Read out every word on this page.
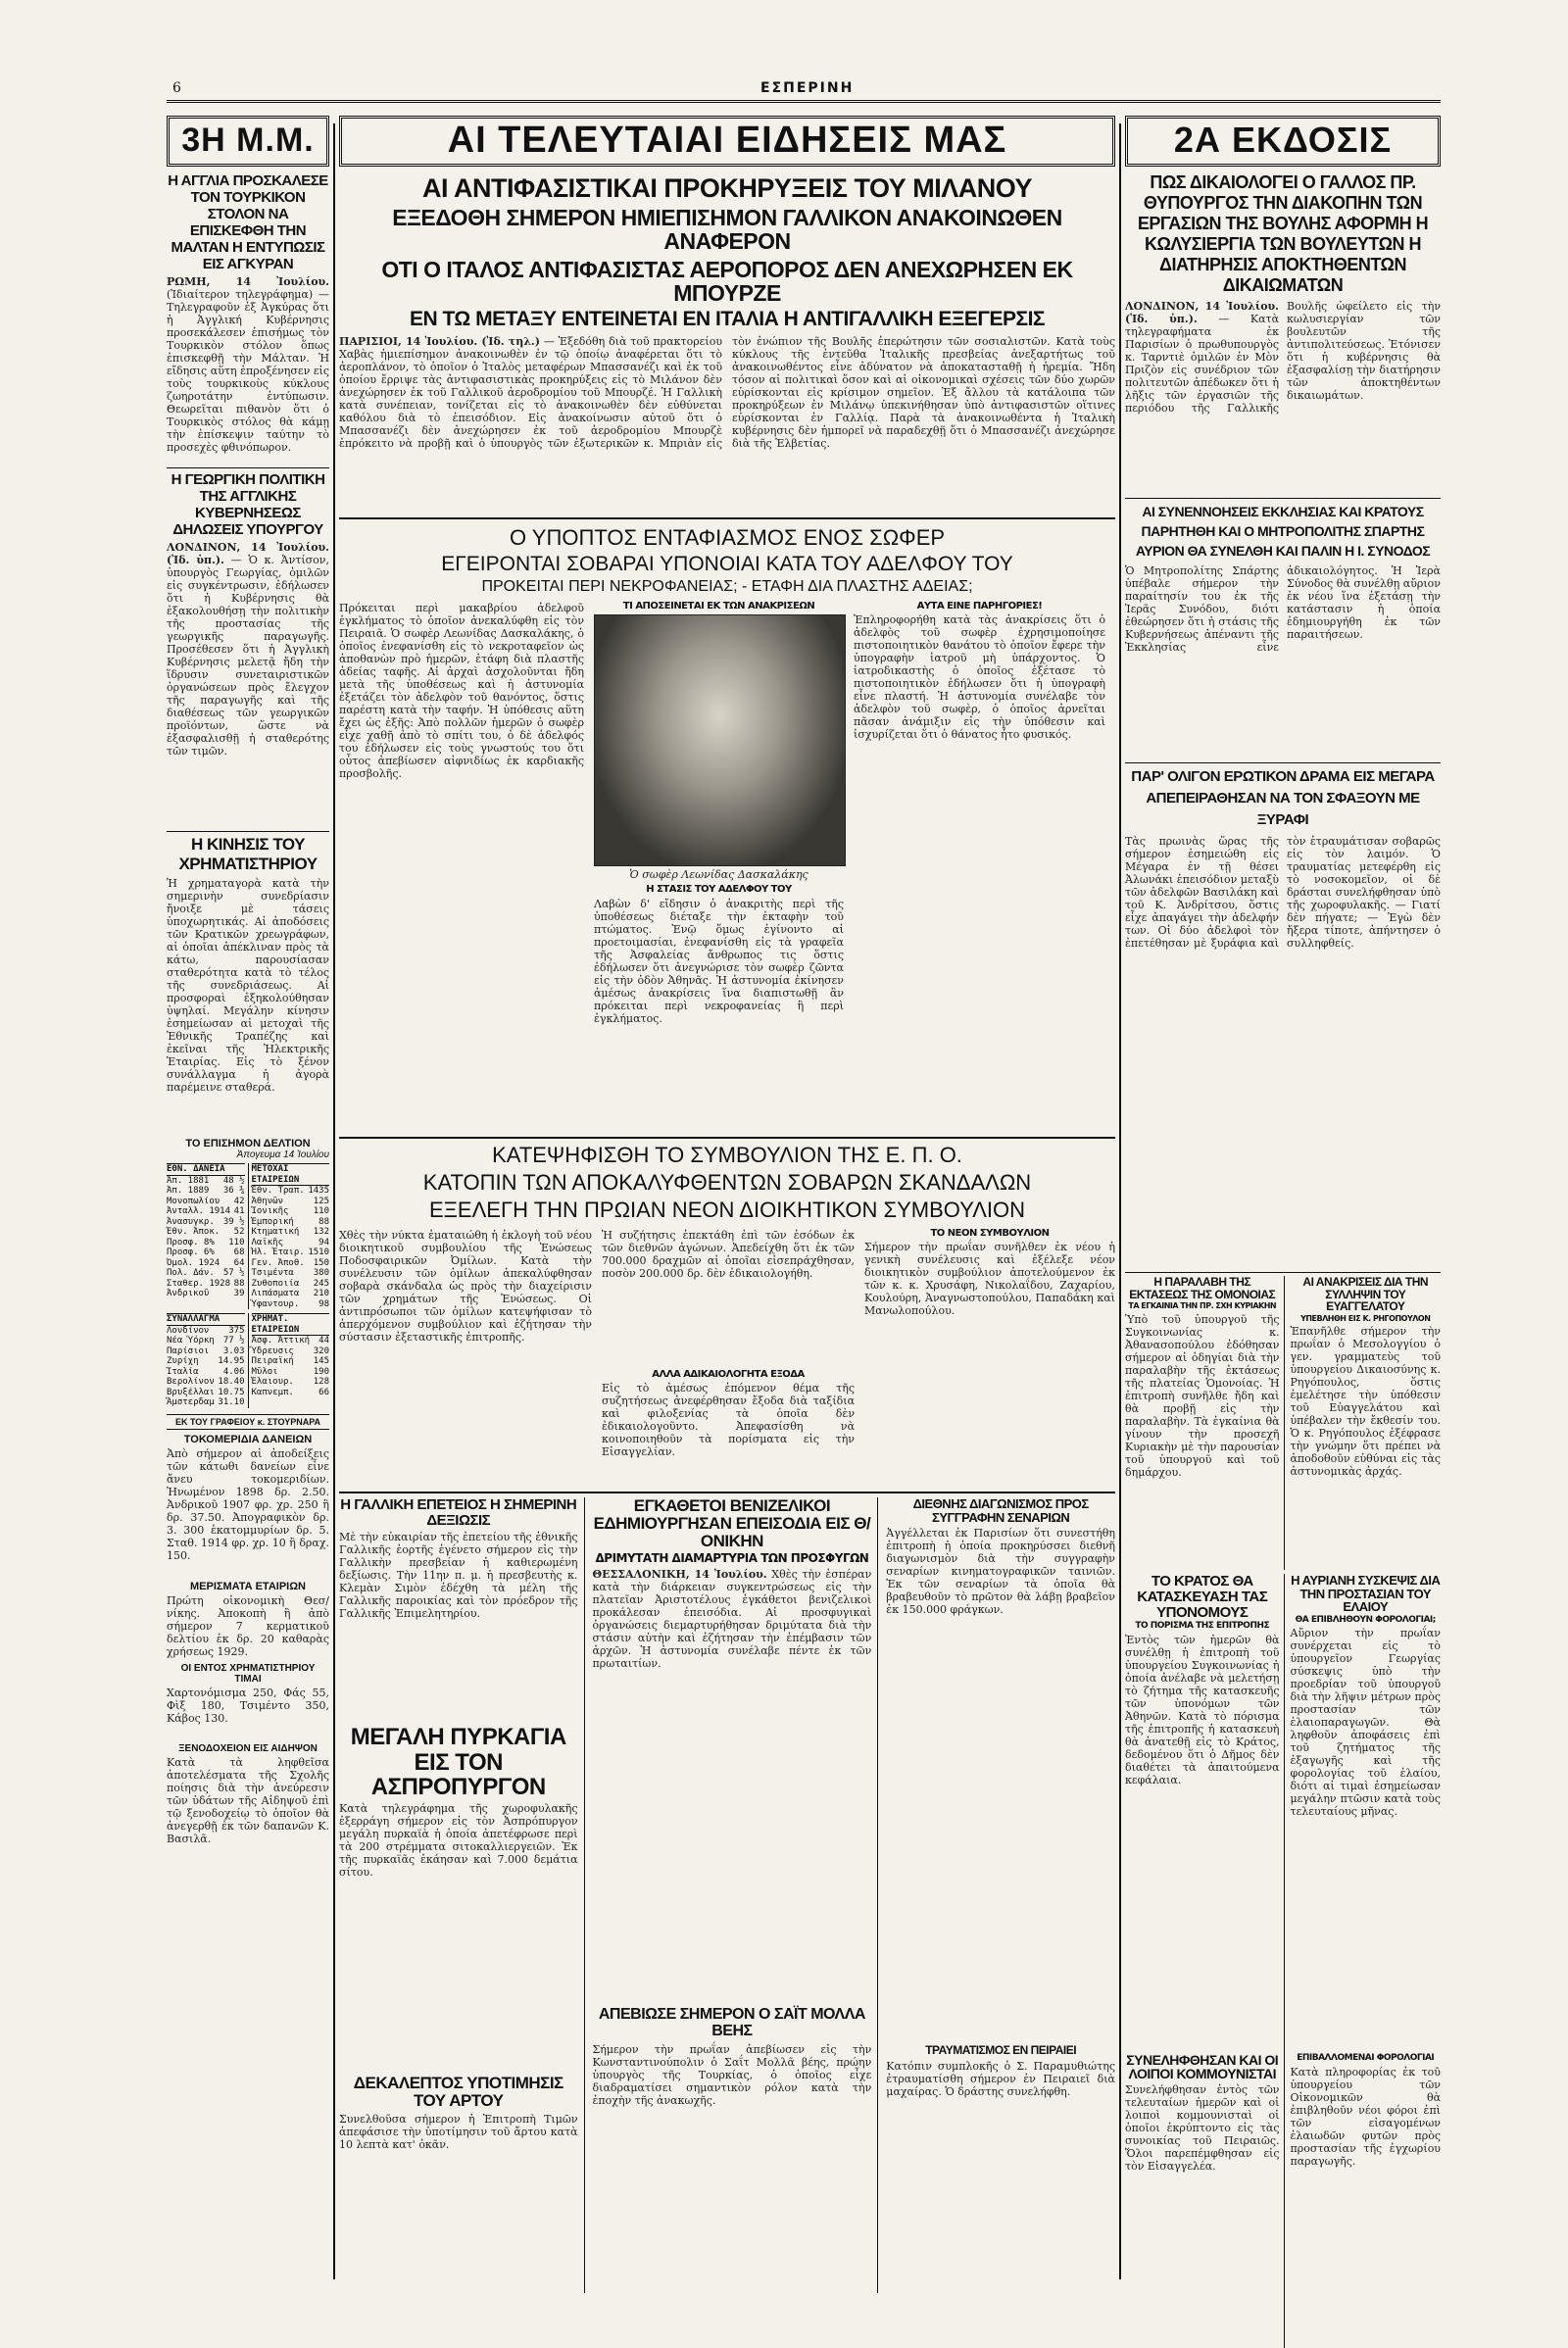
6	ΕΣΠΕΡΙΝΗ
3Η Μ.Μ.
Η ΑΓΓΛΙΑ ΠΡΟΣΚΑΛΕΣΕ ΤΟΝ ΤΟΥΡΚΙΚΟΝ ΣΤΟΛΟΝ ΝΑ ΕΠΙΣΚΕΦΘΗ ΤΗΝ ΜΑΛΤΑΝ Η ΕΝΤΥΠΩΣΙΣ ΕΙΣ ΑΓΚΥΡΑΝ
ΡΩΜΗ, 14 Ἰουλίου. (Ἰδιαίτερον τηλεγράφημα) — Τηλεγραφοῦν ἐξ Ἀγκύρας ὅτι ἡ Ἀγγλική Κυβέρνησις προσεκάλεσεν ἐπισήμως τὸν Τουρκικὸν στόλον ὅπως ἐπισκεφθῇ τὴν Μάλταν. Ἡ εἴδησις αὕτη ἐπροξένησεν εἰς τοὺς τουρκικοὺς κύκλους ζωηροτάτην ἐντύπωσιν. Θεωρεῖται πιθανὸν ὅτι ὁ Τουρκικὸς στόλος θὰ κάμῃ τὴν ἐπίσκεψιν ταύτην τὸ προσεχὲς φθινόπωρον.
Η ΓΕΩΡΓΙΚΗ ΠΟΛΙΤΙΚΗ ΤΗΣ ΑΓΓΛΙΚΗΣ ΚΥΒΕΡΝΗΣΕΩΣ ΔΗΛΩΣΕΙΣ ΥΠΟΥΡΓΟΥ
ΛΟΝΔΙΝΟΝ, 14 Ἰουλίου. (Ἰδ. ὑπ.). — Ὁ κ. Ἀντίσον, ὑπουργὸς Γεωργίας, ὁμιλῶν εἰς συγκέντρωσιν, ἐδήλωσεν ὅτι ἡ Κυβέρνησις θὰ ἐξακολουθήσῃ τὴν πολιτικὴν τῆς προστασίας τῆς γεωργικῆς παραγωγῆς. Προσέθεσεν ὅτι ἡ Ἀγγλικὴ Κυβέρνησις μελετᾷ ἤδη τὴν ἵδρυσιν συνεταιριστικῶν ὀργανώσεων πρὸς ἔλεγχον τῆς παραγωγῆς καὶ τῆς διαθέσεως τῶν γεωργικῶν προϊόντων, ὥστε νὰ ἐξασφαλισθῇ ἡ σταθερότης τῶν τιμῶν.
Η ΚΙΝΗΣΙΣ ΤΟΥ ΧΡΗΜΑΤΙΣΤΗΡΙΟΥ
Ἡ χρηματαγορὰ κατὰ τὴν σημερινὴν συνεδρίασιν ἤνοιξε μὲ τάσεις ὑποχωρητικάς. Αἱ ἀποδόσεις τῶν Κρατικῶν χρεωγράφων, αἱ ὁποῖαι ἀπέκλιναν πρὸς τὰ κάτω, παρουσίασαν σταθερότητα κατὰ τὸ τέλος τῆς συνεδριάσεως. Αἱ προσφοραὶ ἐξηκολούθησαν ὑψηλαί. Μεγάλην κίνησιν ἐσημείωσαν αἱ μετοχαὶ τῆς Ἐθνικῆς Τραπέζης καὶ ἐκεῖναι τῆς Ἠλεκτρικῆς Ἑταιρίας. Εἰς τὸ ξένον συνάλλαγμα ἡ ἀγορὰ παρέμεινε σταθερά.
ΤΟ ΕΠΙΣΗΜΟΝ ΔΕΛΤΙΟΝ
Ἀπογευμα 14 Ἰουλίου
ΕΘΝ. ΔΑΝΕΙΑ
Ἀπ. 1881 48 ½
Ἀπ. 1889 36 ¾
Μονοπωλίου 42
Ἀνταλλ. 1914 41
Ἀνασυγκρ. 39 ½
Ἐθν. Ἀποκ. 52
Προσφ. 8% 110
Προσφ. 6% 68
Ὀμολ. 1924 64
Πολ. Δάν. 57 ½
Σταθερ. 1928 88
Ἀνδρικοῦ	39
ΜΕΤΟΧΑΙ ΕΤΑΙΡΕΙΩΝ
Ἐθν. Τραπ. 1435
Ἀθηνῶν	125
Ἰονικῆς	110
Ἐμπορική	88
Κτηματική 132
Λαϊκῆς	94
Ἠλ. Ἑταιρ. 1510
Γεν. Ἀποθ. 150
Τσιμέντα 380
Ζυθοποιία 245
Λιπάσματα 210
Ὑφαντουρ. 98
ΣΥΝΑΛΛΑΓΜΑ
Λονδίνον 375
Νέα Ὑόρκη 77 ½
Παρίσιοι 3.03
Ζυρίχη 14.95
Ἰταλία	4.06
Βερολίνον 18.40
Βρυξέλλαι 10.75
Ἄμστερδαμ 31.10
ΧΡΗΜΑΤ. ΕΤΑΙΡΕΙΩΝ
Ἀσφ. Ἀττική 44
Ὕδρευσις 320
Πειραϊκή 145
Μῦλοι	190
Ἐλαιουρ. 128
Καπνεμπ.	66
ΕΚ ΤΟΥ ΓΡΑΦΕΙΟΥ κ. ΣΤΟΥΡΝΑΡΑ
ΤΟΚΟΜΕΡΙΔΙΑ ΔΑΝΕΙΩΝ
Ἀπὸ σήμερον αἱ ἀποδείξεις τῶν κάτωθι δανείων εἶνε ἄνευ τοκομεριδίων. Ἠνωμένον 1898 δρ. 2.50. Ἀνδρικοῦ 1907 φρ. χρ. 250 ἢ δρ. 37.50. Ἀπογραφικὸν δρ. 3. 300 ἑκατομμυρίων δρ. 5. Σταθ. 1914 φρ. χρ. 10 ἢ δραχ. 150.
ΜΕΡΙΣΜΑΤΑ ΕΤΑΙΡΙΩΝ
Πρώτη οἰκονομικὴ Θεσ/νίκης. Ἀποκοπὴ ἢ ἀπὸ σήμερον 7 κερματικοῦ δελτίου ἐκ δρ. 20 καθαρὰς χρήσεως 1929.
ΟΙ ΕΝΤΟΣ ΧΡΗΜΑΤΙΣΤΗΡΙΟΥ ΤΙΜΑΙ
Χαρτονόμισμα 250, Φάς 55, Φὶξ 180, Τσιμέντο 350, Κάβος 130.
ΞΕΝΟΔΟΧΕΙΟΝ ΕΙΣ ΑΙΔΗΨΟΝ
Κατὰ τὰ ληφθεῖσα ἀποτελέσματα τῆς Σχολῆς ποίησις διὰ τὴν ἀνεύρεσιν τῶν ὑδάτων τῆς Αἰδηψοῦ ἐπὶ τῷ ξενοδοχείῳ τὸ ὁποῖον θὰ ἀνεγερθῇ ἐκ τῶν δαπανῶν Κ. Βασιλᾶ.
ΑΙ ΤΕΛΕΥΤΑΙΑΙ ΕΙΔΗΣΕΙΣ ΜΑΣ
ΑΙ ΑΝΤΙΦΑΣΙΣΤΙΚΑΙ ΠΡΟΚΗΡΥΞΕΙΣ ΤΟΥ ΜΙΛΑΝΟΥ
ΕΞΕΔΟΘΗ ΣΗΜΕΡΟΝ ΗΜΙΕΠΙΣΗΜΟΝ ΓΑΛΛΙΚΟΝ ΑΝΑΚΟΙΝΩΘΕΝ ΑΝΑΦΕΡΟΝ
ΟΤΙ Ο ΙΤΑΛΟΣ ΑΝΤΙΦΑΣΙΣΤΑΣ ΑΕΡΟΠΟΡΟΣ ΔΕΝ ΑΝΕΧΩΡΗΣΕΝ ΕΚ ΜΠΟΥΡΖΕ
ΕΝ ΤΩ ΜΕΤΑΞΥ ΕΝΤΕΙΝΕΤΑΙ ΕΝ ΙΤΑΛΙΑ Η ΑΝΤΙΓΑΛΛΙΚΗ ΕΞΕΓΕΡΣΙΣ
ΠΑΡΙΣΙΟΙ, 14 Ἰουλίου. (Ἰδ. τηλ.) — Ἐξεδόθη διὰ τοῦ πρακτορείου Χαβὰς ἡμιεπίσημον ἀνακοινωθὲν ἐν τῷ ὁποίῳ ἀναφέρεται ὅτι τὸ ἀεροπλάνον, τὸ ὁποῖον ὁ Ἰταλὸς μεταφέρων Μπασσανέζι καὶ ἐκ τοῦ ὁποίου ἔρριψε τὰς ἀντιφασιστικὰς προκηρύξεις εἰς τὸ Μιλάνον δὲν ἀνεχώρησεν ἐκ τοῦ Γαλλικοῦ ἀεροδρομίου τοῦ Μπουρζέ. Ἡ Γαλλικὴ κατὰ συνέπειαν, τονίζεται εἰς τὸ ἀνακοινωθὲν δὲν εὐθύνεται καθόλου διὰ τὸ ἐπεισόδιον. Εἰς ἀνακοίνωσιν αὐτοῦ ὅτι ὁ Μπασσανέζι δὲν ἀνεχώρησεν ἐκ τοῦ ἀεροδρομίου Μπουρζὲ ἐπρόκειτο νὰ προβῇ καὶ ὁ ὑπουργὸς τῶν ἐξωτερικῶν κ. Μπριὰν εἰς τὸν ἐνώπιον τῆς Βουλῆς ἐπερώτησιν τῶν σοσιαλιστῶν. Κατὰ τοὺς κύκλους τῆς ἐντεῦθα Ἰταλικῆς πρεσβείας ἀνεξαρτήτως τοῦ ἀνακοινωθέντος εἶνε ἀδύνατον νὰ ἀποκατασταθῇ ἡ ἠρεμία. Ἤδη τόσον αἱ πολιτικαὶ ὅσον καὶ αἱ οἰκονομικαὶ σχέσεις τῶν δύο χωρῶν εὑρίσκονται εἰς κρίσιμον σημεῖον. Ἐξ ἄλλου τὰ κατάλοιπα τῶν προκηρύξεων ἐν Μιλάνῳ ὑπεκινήθησαν ὑπὸ ἀντιφασιστῶν οἵτινες εὑρίσκονται ἐν Γαλλίᾳ. Παρὰ τὰ ἀνακοινωθέντα ἡ Ἰταλικὴ κυβέρνησις δὲν ἠμπορεῖ νὰ παραδεχθῇ ὅτι ὁ Μπασσανέζι ἀνεχώρησε διὰ τῆς Ἑλβετίας.
Ο ΥΠΟΠΤΟΣ ΕΝΤΑΦΙΑΣΜΟΣ ΕΝΟΣ ΣΩΦΕΡ
ΕΓΕΙΡΟΝΤΑΙ ΣΟΒΑΡΑΙ ΥΠΟΝΟΙΑΙ ΚΑΤΑ ΤΟΥ ΑΔΕΛΦΟΥ ΤΟΥ
ΠΡΟΚΕΙΤΑΙ ΠΕΡΙ ΝΕΚΡΟΦΑΝΕΙΑΣ; - ΕΤΑΦΗ ΔΙΑ ΠΛΑΣΤΗΣ ΑΔΕΙΑΣ;
Πρόκειται περὶ μακαβρίου ἀδελφοῦ ἐγκλήματος τὸ ὁποῖον ἀνεκαλύφθη εἰς τὸν Πειραιᾶ. Ὁ σωφὲρ Λεωνίδας Δασκαλάκης, ὁ ὁποῖος ἐνεφανίσθη εἰς τὸ νεκροταφεῖον ὡς ἀποθανὼν πρὸ ἡμερῶν, ἐτάφη διὰ πλαστῆς ἀδείας ταφῆς. Αἱ ἀρχαὶ ἀσχολοῦνται ἤδη μετὰ τῆς ὑποθέσεως καὶ ἡ ἀστυνομία ἐξετάζει τὸν ἀδελφὸν τοῦ θανόντος, ὅστις παρέστη κατὰ τὴν ταφήν. Ἡ ὑπόθεσις αὕτη ἔχει ὡς ἑξῆς: Ἀπὸ πολλῶν ἡμερῶν ὁ σωφὲρ εἶχε χαθῇ ἀπὸ τὸ σπίτι του, ὁ δὲ ἀδελφός του ἐδήλωσεν εἰς τοὺς γνωστούς του ὅτι οὗτος ἀπεβίωσεν αἰφνιδίως ἐκ καρδιακῆς προσβολῆς.
ΤΙ ΑΠΟΣΕΙΝΕΤΑΙ ΕΚ ΤΩΝ ΑΝΑΚΡΙΣΕΩΝ
Ὁ σωφὲρ Λεωνίδας Δασκαλάκης
Η ΣΤΑΣΙΣ ΤΟΥ ΑΔΕΛΦΟΥ ΤΟΥ
Λαβὼν δ' εἴδησιν ὁ ἀνακριτὴς περὶ τῆς ὑποθέσεως διέταξε τὴν ἐκταφὴν τοῦ πτώματος. Ἐνῷ ὅμως ἐγίνοντο αἱ προετοιμασίαι, ἐνεφανίσθη εἰς τὰ γραφεῖα τῆς Ἀσφαλείας ἄνθρωπος τις ὅστις ἐδήλωσεν ὅτι ἀνεγνώρισε τὸν σωφὲρ ζῶντα εἰς τὴν ὁδὸν Ἀθηνᾶς. Ἡ ἀστυνομία ἐκίνησεν ἀμέσως ἀνακρίσεις ἵνα διαπιστωθῇ ἂν πρόκειται περὶ νεκροφανείας ἢ περὶ ἐγκλήματος.
ΑΥΤΑ ΕΙΝΕ ΠΑΡΗΓΟΡΙΕΣ!
Ἐπληροφορήθη κατὰ τὰς ἀνακρίσεις ὅτι ὁ ἀδελφὸς τοῦ σωφὲρ ἐχρησιμοποίησε πιστοποιητικὸν θανάτου τὸ ὁποῖον ἔφερε τὴν ὑπογραφὴν ἰατροῦ μὴ ὑπάρχοντος. Ὁ ἰατροδικαστὴς ὁ ὁποῖος ἐξέτασε τὸ πιστοποιητικὸν ἐδήλωσεν ὅτι ἡ ὑπογραφὴ εἶνε πλαστή. Ἡ ἀστυνομία συνέλαβε τὸν ἀδελφὸν τοῦ σωφὲρ, ὁ ὁποῖος ἀρνεῖται πᾶσαν ἀνάμιξιν εἰς τὴν ὑπόθεσιν καὶ ἰσχυρίζεται ὅτι ὁ θάνατος ἦτο φυσικός.
ΚΑΤΕΨΗΦΙΣΘΗ ΤΟ ΣΥΜΒΟΥΛΙΟΝ ΤΗΣ Ε. Π. Ο.
ΚΑΤΟΠΙΝ ΤΩΝ ΑΠΟΚΑΛΥΦΘΕΝΤΩΝ ΣΟΒΑΡΩΝ ΣΚΑΝΔΑΛΩΝ
ΕΞΕΛΕΓΗ ΤΗΝ ΠΡΩΙΑΝ ΝΕΟΝ ΔΙΟΙΚΗΤΙΚΟΝ ΣΥΜΒΟΥΛΙΟΝ
Χθὲς τὴν νύκτα ἐματαιώθη ἡ ἐκλογὴ τοῦ νέου διοικητικοῦ συμβουλίου τῆς Ἑνώσεως Ποδοσφαιρικῶν Ὀμίλων. Κατὰ τὴν συνέλευσιν τῶν ὀμίλων ἀπεκαλύφθησαν σοβαρὰ σκάνδαλα ὡς πρὸς τὴν διαχείρισιν τῶν χρημάτων τῆς Ἑνώσεως. Οἱ ἀντιπρόσωποι τῶν ὀμίλων κατεψήφισαν τὸ ἀπερχόμενον συμβούλιον καὶ ἐζήτησαν τὴν σύστασιν ἐξεταστικῆς ἐπιτροπῆς.
Ἡ συζήτησις ἐπεκτάθη ἐπὶ τῶν ἐσόδων ἐκ τῶν διεθνῶν ἀγώνων. Ἀπεδείχθη ὅτι ἐκ τῶν 700.000 δραχμῶν αἱ ὁποῖαι εἰσεπράχθησαν, ποσὸν 200.000 δρ. δὲν ἐδικαιολογήθη.
ΑΛΛΑ ΑΔΙΚΑΙΟΛΟΓΗΤΑ ΕΞΟΔΑ
Εἰς τὸ ἀμέσως ἐπόμενον θέμα τῆς συζητήσεως ἀνεφέρθησαν ἔξοδα διὰ ταξίδια καὶ φιλοξενίας τὰ ὁποῖα δὲν ἐδικαιολογοῦντο. Ἀπεφασίσθη νὰ κοινοποιηθοῦν τὰ πορίσματα εἰς τὴν Εἰσαγγελίαν.
ΤΟ ΝΕΟΝ ΣΥΜΒΟΥΛΙΟΝ
Σήμερον τὴν πρωΐαν συνῆλθεν ἐκ νέου ἡ γενικὴ συνέλευσις καὶ ἐξέλεξε νέον διοικητικὸν συμβούλιον ἀποτελούμενον ἐκ τῶν κ. κ. Χρυσάφη, Νικολαΐδου, Ζαχαρίου, Κουλούρη, Ἀναγνωστοπούλου, Παπαδάκη καὶ Μανωλοπούλου.
Η ΓΑΛΛΙΚΗ ΕΠΕΤΕΙΟΣ Η ΣΗΜΕΡΙΝΗ ΔΕΞΙΩΣΙΣ
Μὲ τὴν εὐκαιρίαν τῆς ἐπετείου τῆς ἐθνικῆς Γαλλικῆς ἑορτῆς ἐγένετο σήμερον εἰς τὴν Γαλλικὴν πρεσβείαν ἡ καθιερωμένη δεξίωσις. Τὴν 11ην π. μ. ἡ πρεσβευτὴς κ. Κλεμὰν Σιμὸν ἐδέχθη τὰ μέλη τῆς Γαλλικῆς παροικίας καὶ τὸν πρόεδρον τῆς Γαλλικῆς Ἐπιμελητηρίου.
ΜΕΓΑΛΗ ΠΥΡΚΑΓΙΑ ΕΙΣ ΤΟΝ ΑΣΠΡΟΠΥΡΓΟΝ
Κατὰ τηλεγράφημα τῆς χωροφυλακῆς ἐξερράγη σήμερον εἰς τὸν Ἀσπρόπυργον μεγάλη πυρκαϊὰ ἡ ὁποία ἀπετέφρωσε περὶ τὰ 200 στρέμματα σιτοκαλλιεργειῶν. Ἐκ τῆς πυρκαϊᾶς ἐκάησαν καὶ 7.000 δεμάτια σίτου.
ΔΕΚΑΛΕΠΤΟΣ ΥΠΟΤΙΜΗΣΙΣ ΤΟΥ ΑΡΤΟΥ
Συνελθοῦσα σήμερον ἡ Ἐπιτροπὴ Τιμῶν ἀπεφάσισε τὴν ὑποτίμησιν τοῦ ἄρτου κατὰ 10 λεπτὰ κατ' ὀκᾶν.
ΕΓΚΑΘΕΤΟΙ ΒΕΝΙΖΕΛΙΚΟΙ ΕΔΗΜΙΟΥΡΓΗΣΑΝ ΕΠΕΙΣΟΔΙΑ ΕΙΣ Θ/ΟΝΙΚΗΝ
ΔΡΙΜΥΤΑΤΗ ΔΙΑΜΑΡΤΥΡΙΑ ΤΩΝ ΠΡΟΣΦΥΓΩΝ
ΘΕΣΣΑΛΟΝΙΚΗ, 14 Ἰουλίου. Χθὲς τὴν ἑσπέραν κατὰ τὴν διάρκειαν συγκεντρώσεως εἰς τὴν πλατεῖαν Ἀριστοτέλους ἐγκάθετοι βενιζελικοὶ προκάλεσαν ἐπεισόδια. Αἱ προσφυγικαὶ ὀργανώσεις διεμαρτυρήθησαν δριμύτατα διὰ τὴν στάσιν αὐτὴν καὶ ἐζήτησαν τὴν ἐπέμβασιν τῶν ἀρχῶν. Ἡ ἀστυνομία συνέλαβε πέντε ἐκ τῶν πρωταιτίων.
ΑΠΕΒΙΩΣΕ ΣΗΜΕΡΟΝ Ο ΣΑΪΤ ΜΟΛΛΑ ΒΕΗΣ
Σήμερον τὴν πρωΐαν ἀπεβίωσεν εἰς τὴν Κωνσταντινούπολιν ὁ Σαΐτ Μολλᾶ βέης, πρώην ὑπουργὸς τῆς Τουρκίας, ὁ ὁποῖος εἶχε διαδραματίσει σημαντικὸν ρόλον κατὰ τὴν ἐποχὴν τῆς ἀνακωχῆς.
ΔΙΕΘΝΗΣ ΔΙΑΓΩΝΙΣΜΟΣ ΠΡΟΣ ΣΥΓΓΡΑΦΗΝ ΣΕΝΑΡΙΩΝ
Ἀγγέλλεται ἐκ Παρισίων ὅτι συνεστήθη ἐπιτροπὴ ἡ ὁποία προκηρύσσει διεθνῆ διαγωνισμὸν διὰ τὴν συγγραφὴν σεναρίων κινηματογραφικῶν ταινιῶν. Ἐκ τῶν σεναρίων τὰ ὁποῖα θὰ βραβευθοῦν τὸ πρῶτον θὰ λάβῃ βραβεῖον ἐκ 150.000 φράγκων.
ΤΡΑΥΜΑΤΙΣΜΟΣ ΕΝ ΠΕΙΡΑΙΕΙ
Κατόπιν συμπλοκῆς ὁ Σ. Παραμυθιώτης ἐτραυματίσθη σήμερον ἐν Πειραιεῖ διὰ μαχαίρας. Ὁ δράστης συνελήφθη.
2Α ΕΚΔΟΣΙΣ
ΠΩΣ ΔΙΚΑΙΟΛΟΓΕΙ Ο ΓΑΛΛΟΣ ΠΡ. ΘΥΠΟΥΡΓΟΣ ΤΗΝ ΔΙΑΚΟΠΗΝ ΤΩΝ ΕΡΓΑΣΙΩΝ ΤΗΣ ΒΟΥΛΗΣ ΑΦΟΡΜΗ Η ΚΩΛΥΣΙΕΡΓΙΑ ΤΩΝ ΒΟΥΛΕΥΤΩΝ Η ΔΙΑΤΗΡΗΣΙΣ ΑΠΟΚΤΗΘΕΝΤΩΝ ΔΙΚΑΙΩΜΑΤΩΝ
ΛΟΝΔΙΝΟΝ, 14 Ἰουλίου. (Ἰδ. ὑπ.). — Κατὰ τηλεγραφήματα ἐκ Παρισίων ὁ πρωθυπουργὸς κ. Ταρντιὲ ὁμιλῶν ἐν Μὸν Πριζὸν εἰς συνέδριον τῶν πολιτευτῶν ἀπέδωκεν ὅτι ἡ λῆξις τῶν ἐργασιῶν τῆς περιόδου τῆς Γαλλικῆς Βουλῆς ὠφείλετο εἰς τὴν κωλυσιεργίαν τῶν βουλευτῶν τῆς ἀντιπολιτεύσεως. Ἐτόνισεν ὅτι ἡ κυβέρνησις θὰ ἐξασφαλίσῃ τὴν διατήρησιν τῶν ἀποκτηθέντων δικαιωμάτων.
ΑΙ ΣΥΝΕΝΝΟΗΣΕΙΣ ΕΚΚΛΗΣΙΑΣ ΚΑΙ ΚΡΑΤΟΥΣ ΠΑΡΗΤΗΘΗ ΚΑΙ Ο ΜΗΤΡΟΠΟΛΙΤΗΣ ΣΠΑΡΤΗΣ ΑΥΡΙΟΝ ΘΑ ΣΥΝΕΛΘΗ ΚΑΙ ΠΑΛΙΝ Η Ι. ΣΥΝΟΔΟΣ
Ὁ Μητροπολίτης Σπάρτης ὑπέβαλε σήμερον τὴν παραίτησίν του ἐκ τῆς Ἱερᾶς Συνόδου, διότι ἐθεώρησεν ὅτι ἡ στάσις τῆς Κυβερνήσεως ἀπέναντι τῆς Ἐκκλησίας εἶνε ἀδικαιολόγητος. Ἡ Ἱερὰ Σύνοδος θὰ συνέλθῃ αὔριον ἐκ νέου ἵνα ἐξετάσῃ τὴν κατάστασιν ἡ ὁποία ἐδημιουργήθη ἐκ τῶν παραιτήσεων.
ΠΑΡ' ΟΛΙΓΟΝ ΕΡΩΤΙΚΟΝ ΔΡΑΜΑ ΕΙΣ ΜΕΓΑΡΑ ΑΠΕΠΕΙΡΑΘΗΣΑΝ ΝΑ ΤΟΝ ΣΦΑΞΟΥΝ ΜΕ ΞΥΡΑΦΙ
Τὰς πρωινὰς ὥρας τῆς σήμερον ἐσημειώθη εἰς Μέγαρα ἐν τῇ θέσει Ἀλωνάκι ἐπεισόδιον μεταξὺ τῶν ἀδελφῶν Βασιλάκη καὶ τοῦ Κ. Ἀνδρίτσου, ὅστις εἶχε ἀπαγάγει τὴν ἀδελφήν των. Οἱ δύο ἀδελφοὶ τὸν ἐπετέθησαν μὲ ξυράφια καὶ τὸν ἐτραυμάτισαν σοβαρῶς εἰς τὸν λαιμόν. Ὁ τραυματίας μετεφέρθη εἰς τὸ νοσοκομεῖον, οἱ δὲ δράσται συνελήφθησαν ὑπὸ τῆς χωροφυλακῆς. — Γιατί δὲν πήγατε; — Ἐγὼ δὲν ἤξερα τίποτε, ἀπήντησεν ὁ συλληφθείς.
Η ΠΑΡΑΛΑΒΗ ΤΗΣ ΕΚΤΑΣΕΩΣ ΤΗΣ ΟΜΟΝΟΙΑΣ
ΤΑ ΕΓΚΑΙΝΙΑ ΤΗΝ ΠΡ. ΣΧΗ ΚΥΡΙΑΚΗΝ
Ὑπὸ τοῦ ὑπουργοῦ τῆς Συγκοινωνίας κ. Ἀθανασοπούλου ἐδόθησαν σήμερον αἱ ὁδηγίαι διὰ τὴν παραλαβὴν τῆς ἐκτάσεως τῆς πλατείας Ὁμονοίας. Ἡ ἐπιτροπὴ συνῆλθε ἤδη καὶ θὰ προβῇ εἰς τὴν παραλαβὴν. Τὰ ἐγκαίνια θὰ γίνουν τὴν προσεχῆ Κυριακὴν μὲ τὴν παρουσίαν τοῦ ὑπουργοῦ καὶ τοῦ δημάρχου.
ΑΙ ΑΝΑΚΡΙΣΕΙΣ ΔΙΑ ΤΗΝ ΣΥΛΛΗΨΙΝ ΤΟΥ ΕΥΑΓΓΕΛΑΤΟΥ
ΥΠΕΒΛΗΘΗ ΕΙΣ Κ. ΡΗΓΟΠΟΥΛΟΝ
Ἐπανῆλθε σήμερον τὴν πρωΐαν ὁ Μεσολογγίου ὁ γεν. γραμματεὺς τοῦ ὑπουργείου Δικαιοσύνης κ. Ρηγόπουλος, ὅστις ἐμελέτησε τὴν ὑπόθεσιν τοῦ Εὐαγγελάτου καὶ ὑπέβαλεν τὴν ἔκθεσίν του. Ὁ κ. Ρηγόπουλος ἐξέφρασε τὴν γνώμην ὅτι πρέπει νὰ ἀποδοθοῦν εὐθύναι εἰς τὰς ἀστυνομικὰς ἀρχάς.
ΤΟ ΚΡΑΤΟΣ ΘΑ ΚΑΤΑΣΚΕΥΑΣΗ ΤΑΣ ΥΠΟΝΟΜΟΥΣ
ΤΟ ΠΟΡΙΣΜΑ ΤΗΣ ΕΠΙΤΡΟΠΗΣ
Ἐντὸς τῶν ἡμερῶν θὰ συνέλθῃ ἡ ἐπιτροπὴ τοῦ ὑπουργείου Συγκοινωνίας ἡ ὁποία ἀνέλαβε νὰ μελετήσῃ τὸ ζήτημα τῆς κατασκευῆς τῶν ὑπονόμων τῶν Ἀθηνῶν. Κατὰ τὸ πόρισμα τῆς ἐπιτροπῆς ἡ κατασκευὴ θὰ ἀνατεθῇ εἰς τὸ Κράτος, δεδομένου ὅτι ὁ Δῆμος δὲν διαθέτει τὰ ἀπαιτούμενα κεφάλαια.
ΣΥΝΕΛΗΦΘΗΣΑΝ ΚΑΙ ΟΙ ΛΟΙΠΟΙ ΚΟΜΜΟΥΝΙΣΤΑΙ
Συνελήφθησαν ἐντὸς τῶν τελευταίων ἡμερῶν καὶ οἱ λοιποὶ κομμουνισταὶ οἱ ὁποῖοι ἐκρύπτοντο εἰς τὰς συνοικίας τοῦ Πειραιῶς. Ὅλοι παρεπέμφθησαν εἰς τὸν Εἰσαγγελέα.
Η ΑΥΡΙΑΝΗ ΣΥΣΚΕΨΙΣ ΔΙΑ ΤΗΝ ΠΡΟΣΤΑΣΙΑΝ ΤΟΥ ΕΛΑΙΟΥ
ΘΑ ΕΠΙΒΛΗΘΟΥΝ ΦΟΡΟΛΟΓΙΑΙ;
Αὔριον τὴν πρωΐαν συνέρχεται εἰς τὸ ὑπουργεῖον Γεωργίας σύσκεψις ὑπὸ τὴν προεδρίαν τοῦ ὑπουργοῦ διὰ τὴν λῆψιν μέτρων πρὸς προστασίαν τῶν ἐλαιοπαραγωγῶν. Θὰ ληφθοῦν ἀποφάσεις ἐπὶ τοῦ ζητήματος τῆς ἐξαγωγῆς καὶ τῆς φορολογίας τοῦ ἐλαίου, διότι αἱ τιμαὶ ἐσημείωσαν μεγάλην πτῶσιν κατὰ τοὺς τελευταίους μῆνας.
ΕΠΙΒΑΛΛΟΜΕΝΑΙ ΦΟΡΟΛΟΓΙΑΙ
Κατὰ πληροφορίας ἐκ τοῦ ὑπουργείου τῶν Οἰκονομικῶν θὰ ἐπιβληθοῦν νέοι φόροι ἐπὶ τῶν εἰσαγομένων ἐλαιωδῶν φυτῶν πρὸς προστασίαν τῆς ἐγχωρίου παραγωγῆς.
